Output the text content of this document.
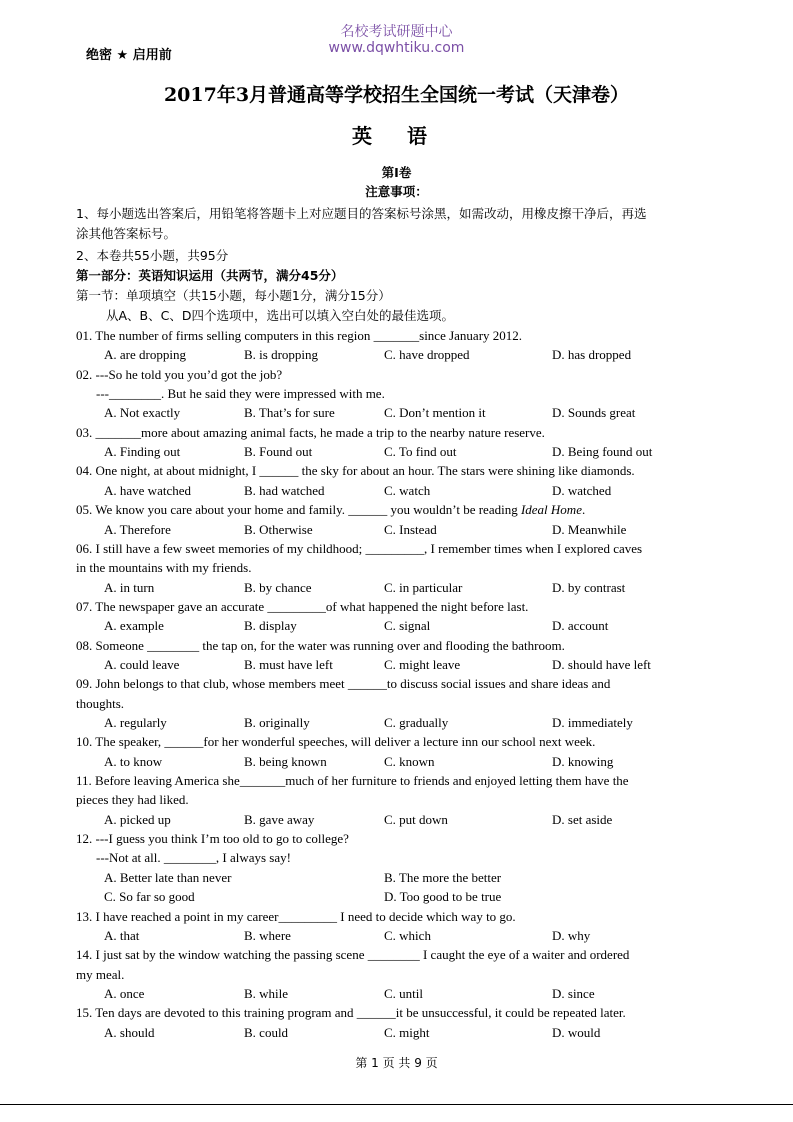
名校考试研题中心
www.dqwhtiku.com
绝密 ★ 启用前
2017年3月普通高等学校招生全国统一考试（天津卷）
英 语
第Ⅰ卷
注意事项：
1、每小题选出答案后，用铅笔将答题卡上对应题目的答案标号涂黑，如需改动，用橡皮擦干净后，再选
涂其他答案标号。
2、本卷共55小题，共95分
第一部分：英语知识运用（共两节，满分45分）
第一节：单项填空（共15小题，每小题1分，满分15分）
从A、B、C、D四个选项中，选出可以填入空白处的最佳选项。
01. The number of firms selling computers in this region _______since January 2012.
A. are dropping	B. is dropping	C. have dropped	D. has dropped
02. ---So he told you you’d got the job?
---________. But he said they were impressed with me.
A. Not exactly	B. That’s for sure	C. Don’t mention it	D. Sounds great
03. _______more about amazing animal facts, he made a trip to the nearby nature reserve.
A. Finding out	B. Found out	C. To find out	D. Being found out
04. One night, at about midnight, I ______ the sky for about an hour. The stars were shining like diamonds.
A. have watched	B. had watched	C. watch	D. watched
05. We know you care about your home and family. ______ you wouldn’t be reading Ideal Home.
A. Therefore	B. Otherwise	C. Instead	D. Meanwhile
06. I still have a few sweet memories of my childhood; _________, I remember times when I explored caves
in the mountains with my friends.
A. in turn	B. by chance	C. in particular	D. by contrast
07. The newspaper gave an accurate _________of what happened the night before last.
A. example	B. display	C. signal	D. account
08. Someone ________ the tap on, for the water was running over and flooding the bathroom.
A. could leave	B. must have left	C. might leave	D. should have left
09. John belongs to that club, whose members meet ______to discuss social issues and share ideas and
thoughts.
A. regularly	B. originally	C. gradually	D. immediately
10. The speaker, ______for her wonderful speeches, will deliver a lecture inn our school next week.
A. to know	B. being known	C. known	D. knowing
11. Before leaving America she_______much of her furniture to friends and enjoyed letting them have the
pieces they had liked.
A. picked up	B. gave away	C. put down	D. set aside
12. ---I guess you think I’m too old to go to college?
---Not at all. ________, I always say!
A. Better late than never	B. The more the better
C. So far so good	D. Too good to be true
13. I have reached a point in my career_________ I need to decide which way to go.
A. that	B. where	C. which	D. why
14. I just sat by the window watching the passing scene ________ I caught the eye of a waiter and ordered
my meal.
A. once	B. while	C. until	D. since
15. Ten days are devoted to this training program and ______it be unsuccessful, it could be repeated later.
A. should	B. could	C. might	D. would
第 1 页 共 9 页
